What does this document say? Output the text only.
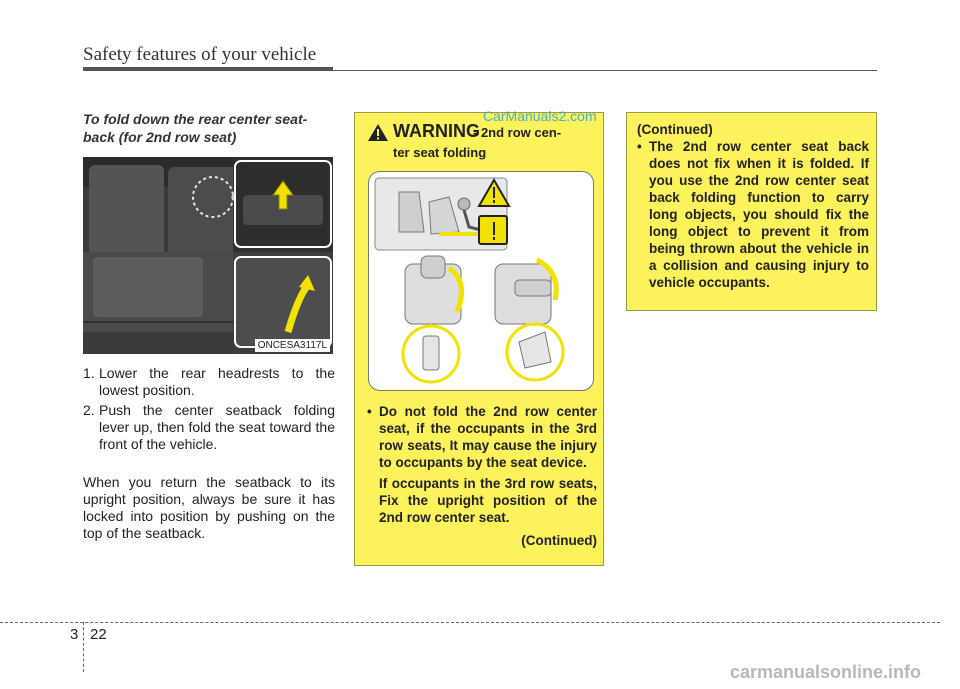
Safety features of your vehicle
To fold down the rear center seat-back (for 2nd row seat)
ONCESA3117L
1. Lower the rear headrests to the lowest position.
2. Push the center seatback folding lever up, then fold the seat toward the front of the vehicle.
When you return the seatback to its upright position, always be sure it has locked into position by pushing on the top of the seatback.
WARNING
- 2nd row cen-
ter seat folding
• Do not fold the 2nd row center seat, if the occupants in the 3rd row seats, It may cause the injury to occupants by the seat device.
If occupants in the 3rd row seats, Fix the upright position of the 2nd row center seat.
(Continued)
(Continued)
• The 2nd row center seat back does not fix when it is folded. If you use the 2nd row center seat back folding function to carry long objects, you should fix the long object to prevent it from being thrown about the vehicle in a collision and causing injury to vehicle occupants.
CarManuals2.com
3 22
carmanualsonline.info
